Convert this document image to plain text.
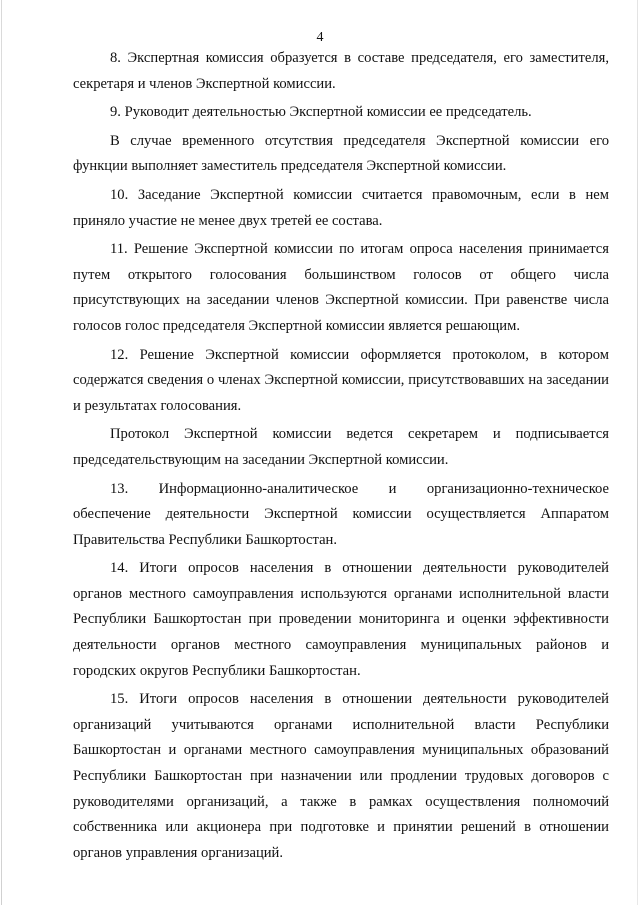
4

8. Экспертная комиссия образуется в составе председателя, его заместителя, секретаря и членов Экспертной комиссии.

9. Руководит деятельностью Экспертной комиссии ее председатель.

В случае временного отсутствия председателя Экспертной комиссии его функции выполняет заместитель председателя Экспертной комиссии.

10. Заседание Экспертной комиссии считается правомочным, если в нем приняло участие не менее двух третей ее состава.

11. Решение Экспертной комиссии по итогам опроса населения принимается путем открытого голосования большинством голосов от общего числа присутствующих на заседании членов Экспертной комиссии. При равенстве числа голосов голос председателя Экспертной комиссии является решающим.

12. Решение Экспертной комиссии оформляется протоколом, в котором содержатся сведения о членах Экспертной комиссии, присутствовавших на заседании и результатах голосования.

Протокол Экспертной комиссии ведется секретарем и подписывается председательствующим на заседании Экспертной комиссии.

13. Информационно-аналитическое и организационно-техническое обеспечение деятельности Экспертной комиссии осуществляется Аппаратом Правительства Республики Башкортостан.

14. Итоги опросов населения в отношении деятельности руководителей органов местного самоуправления используются органами исполнительной власти Республики Башкортостан при проведении мониторинга и оценки эффективности деятельности органов местного самоуправления муниципальных районов и городских округов Республики Башкортостан.

15. Итоги опросов населения в отношении деятельности руководителей организаций учитываются органами исполнительной власти Республики Башкортостан и органами местного самоуправления муниципальных образований Республики Башкортостан при назначении или продлении трудовых договоров с руководителями организаций, а также в рамках осуществления полномочий собственника или акционера при подготовке и принятии решений в отношении органов управления организаций.
